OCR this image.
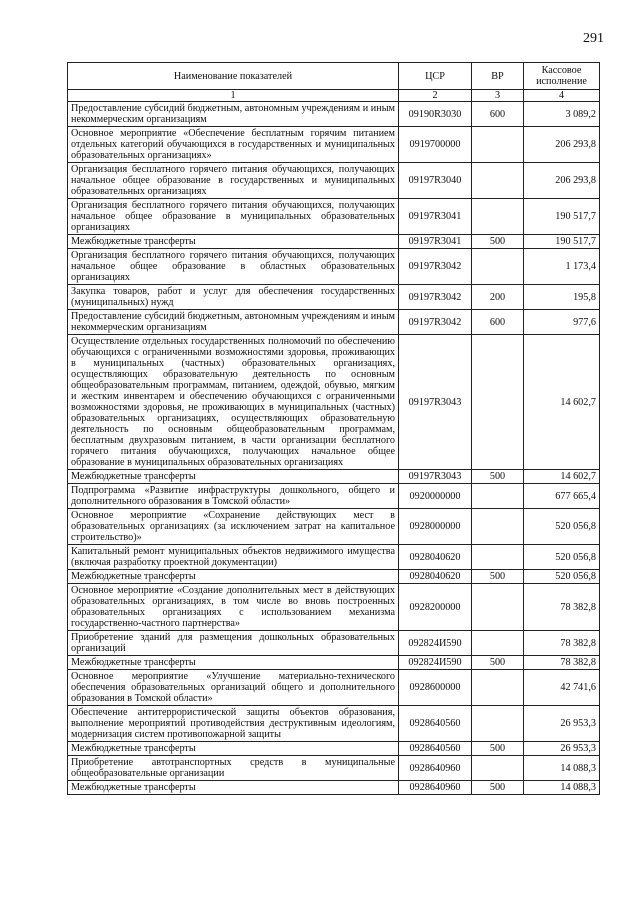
291
Наименование показателей	ЦСР	ВР	Кассовое исполнение
1	2	3	4
Предоставление субсидий бюджетным, автономным учреждениям и иным некоммерческим организациям	09190R3030	600	3 089,2
Основное мероприятие «Обеспечение бесплатным горячим питанием отдельных категорий обучающихся в государственных и муниципальных образовательных организациях»	0919700000		206 293,8
Организация бесплатного горячего питания обучающихся, получающих начальное общее образование в государственных и муниципальных образовательных организациях	09197R3040		206 293,8
Организация бесплатного горячего питания обучающихся, получающих начальное общее образование в муниципальных образовательных организациях	09197R3041		190 517,7
Межбюджетные трансферты	09197R3041	500	190 517,7
Организация бесплатного горячего питания обучающихся, получающих начальное общее образование в областных образовательных организациях	09197R3042		1 173,4
Закупка товаров, работ и услуг для обеспечения государственных (муниципальных) нужд	09197R3042	200	195,8
Предоставление субсидий бюджетным, автономным учреждениям и иным некоммерческим организациям	09197R3042	600	977,6
Осуществление отдельных государственных полномочий по обеспечению обучающихся с ограниченными возможностями здоровья, проживающих в муниципальных (частных) образовательных организациях, осуществляющих образовательную деятельность по основным общеобразовательным программам, питанием, одеждой, обувью, мягким и жестким инвентарем и обеспечению обучающихся с ограниченными возможностями здоровья, не проживающих в муниципальных (частных) образовательных организациях, осуществляющих образовательную деятельность по основным общеобразовательным программам, бесплатным двухразовым питанием, в части организации бесплатного горячего питания обучающихся, получающих начальное общее образование в муниципальных образовательных организациях	09197R3043		14 602,7
Межбюджетные трансферты	09197R3043	500	14 602,7
Подпрограмма «Развитие инфраструктуры дошкольного, общего и дополнительного образования в Томской области»	0920000000		677 665,4
Основное мероприятие «Сохранение действующих мест в образовательных организациях (за исключением затрат на капитальное строительство)»	0928000000		520 056,8
Капитальный ремонт муниципальных объектов недвижимого имущества (включая разработку проектной документации)	0928040620		520 056,8
Межбюджетные трансферты	0928040620	500	520 056,8
Основное мероприятие «Создание дополнительных мест в действующих образовательных организациях, в том числе во вновь построенных образовательных организациях с использованием механизма государственно-частного партнерства»	0928200000		78 382,8
Приобретение зданий для размещения дошкольных образовательных организаций	092824И590		78 382,8
Межбюджетные трансферты	092824И590	500	78 382,8
Основное мероприятие «Улучшение материально-технического обеспечения образовательных организаций общего и дополнительного образования в Томской области»	0928600000		42 741,6
Обеспечение антитеррористической защиты объектов образования, выполнение мероприятий противодействия деструктивным идеологиям, модернизация систем противопожарной защиты	0928640560		26 953,3
Межбюджетные трансферты	0928640560	500	26 953,3
Приобретение автотранспортных средств в муниципальные общеобразовательные организации	0928640960		14 088,3
Межбюджетные трансферты	0928640960	500	14 088,3
